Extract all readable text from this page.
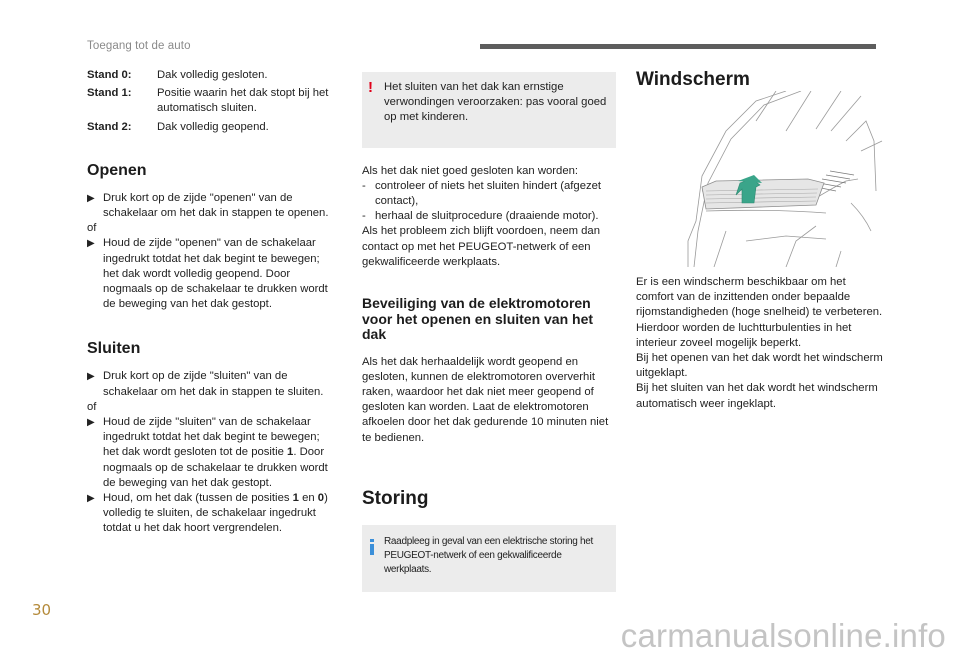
Toegang tot de auto
Stand 0:	Dak volledig gesloten.
Stand 1:	Positie waarin het dak stopt bij het automatisch sluiten.
Stand 2:	Dak volledig geopend.
Openen
▶ Druk kort op de zijde "openen" van de schakelaar om het dak in stappen te openen.
of
▶ Houd de zijde "openen" van de schakelaar ingedrukt totdat het dak begint te bewegen; het dak wordt volledig geopend. Door nogmaals op de schakelaar te drukken wordt de beweging van het dak gestopt.
Sluiten
▶ Druk kort op de zijde "sluiten" van de schakelaar om het dak in stappen te sluiten.
of
▶ Houd de zijde "sluiten" van de schakelaar ingedrukt totdat het dak begint te bewegen; het dak wordt gesloten tot de positie 1. Door nogmaals op de schakelaar te drukken wordt de beweging van het dak gestopt.
▶ Houd, om het dak (tussen de posities 1 en 0) volledig te sluiten, de schakelaar ingedrukt totdat u het dak hoort vergrendelen.
! Het sluiten van het dak kan ernstige verwondingen veroorzaken: pas vooral goed op met kinderen.
Als het dak niet goed gesloten kan worden:
- controleer of niets het sluiten hindert (afgezet contact),
- herhaal de sluitprocedure (draaiende motor).
Als het probleem zich blijft voordoen, neem dan contact op met het PEUGEOT-netwerk of een gekwalificeerde werkplaats.
Beveiliging van de elektromotoren voor het openen en sluiten van het dak
Als het dak herhaaldelijk wordt geopend en gesloten, kunnen de elektromotoren oververhit raken, waardoor het dak niet meer geopend of gesloten kan worden. Laat de elektromotoren afkoelen door het dak gedurende 10 minuten niet te bedienen.
Storing
Raadpleeg in geval van een elektrische storing het PEUGEOT-netwerk of een gekwalificeerde werkplaats.
Windscherm
Er is een windscherm beschikbaar om het comfort van de inzittenden onder bepaalde rijomstandigheden (hoge snelheid) te verbeteren. Hierdoor worden de luchtturbulenties in het interieur zoveel mogelijk beperkt.
Bij het openen van het dak wordt het windscherm uitgeklapt.
Bij het sluiten van het dak wordt het windscherm automatisch weer ingeklapt.
30
carmanualsonline.info
